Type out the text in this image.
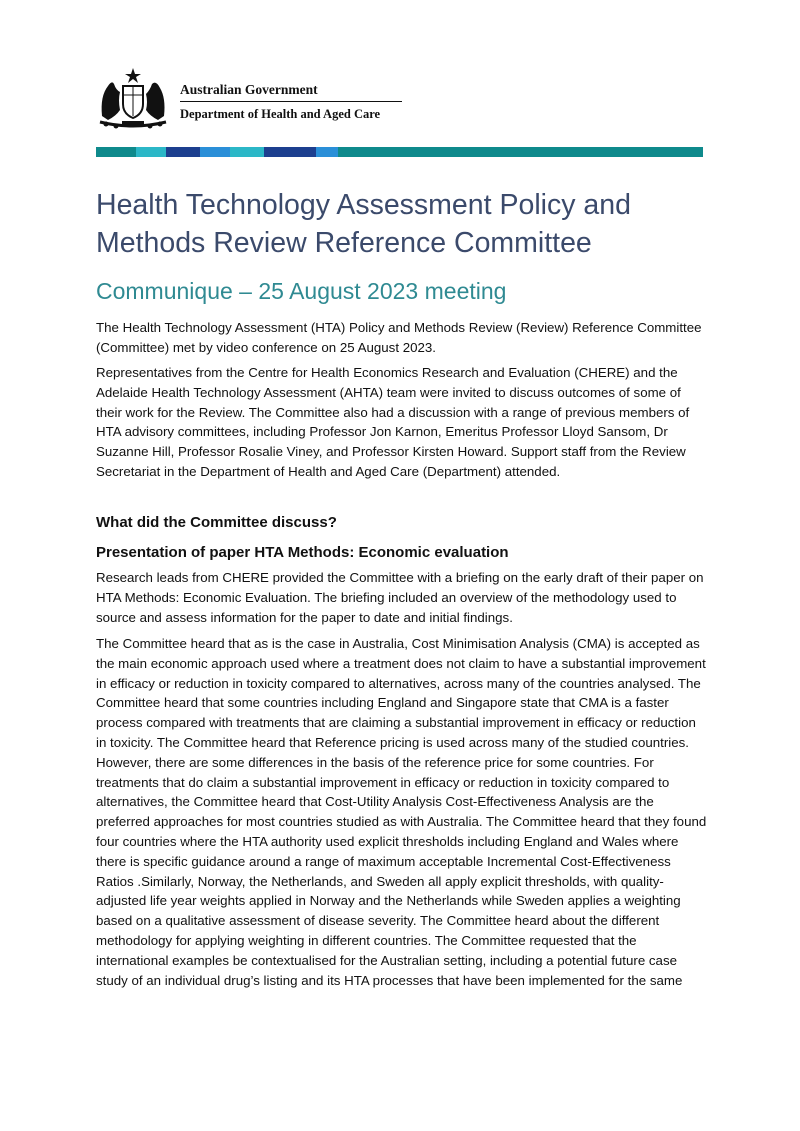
Australian Government
Department of Health and Aged Care
Health Technology Assessment Policy and Methods Review Reference Committee
Communique – 25 August 2023 meeting

The Health Technology Assessment (HTA) Policy and Methods Review (Review) Reference Committee (Committee) met by video conference on 25 August 2023.

Representatives from the Centre for Health Economics Research and Evaluation (CHERE) and the Adelaide Health Technology Assessment (AHTA) team were invited to discuss outcomes of some of their work for the Review. The Committee also had a discussion with a range of previous members of HTA advisory committees, including Professor Jon Karnon, Emeritus Professor Lloyd Sansom, Dr Suzanne Hill, Professor Rosalie Viney, and Professor Kirsten Howard. Support staff from the Review Secretariat in the Department of Health and Aged Care (Department) attended.

What did the Committee discuss?
Presentation of paper HTA Methods: Economic evaluation

Research leads from CHERE provided the Committee with a briefing on the early draft of their paper on HTA Methods: Economic Evaluation. The briefing included an overview of the methodology used to source and assess information for the paper to date and initial findings.

The Committee heard that as is the case in Australia, Cost Minimisation Analysis (CMA) is accepted as the main economic approach used where a treatment does not claim to have a substantial improvement in efficacy or reduction in toxicity compared to alternatives, across many of the countries analysed. The Committee heard that some countries including England and Singapore state that CMA is a faster process compared with treatments that are claiming a substantial improvement in efficacy or reduction in toxicity. The Committee heard that Reference pricing is used across many of the studied countries. However, there are some differences in the basis of the reference price for some countries. For treatments that do claim a substantial improvement in efficacy or reduction in toxicity compared to alternatives, the Committee heard that Cost-Utility Analysis Cost-Effectiveness Analysis are the preferred approaches for most countries studied as with Australia. The Committee heard that they found four countries where the HTA authority used explicit thresholds including England and Wales where there is specific guidance around a range of maximum acceptable Incremental Cost-Effectiveness Ratios .Similarly, Norway, the Netherlands, and Sweden all apply explicit thresholds, with quality-adjusted life year weights applied in Norway and the Netherlands while Sweden applies a weighting based on a qualitative assessment of disease severity. The Committee heard about the different methodology for applying weighting in different countries. The Committee requested that the international examples be contextualised for the Australian setting, including a potential future case study of an individual drug’s listing and its HTA processes that have been implemented for the same
